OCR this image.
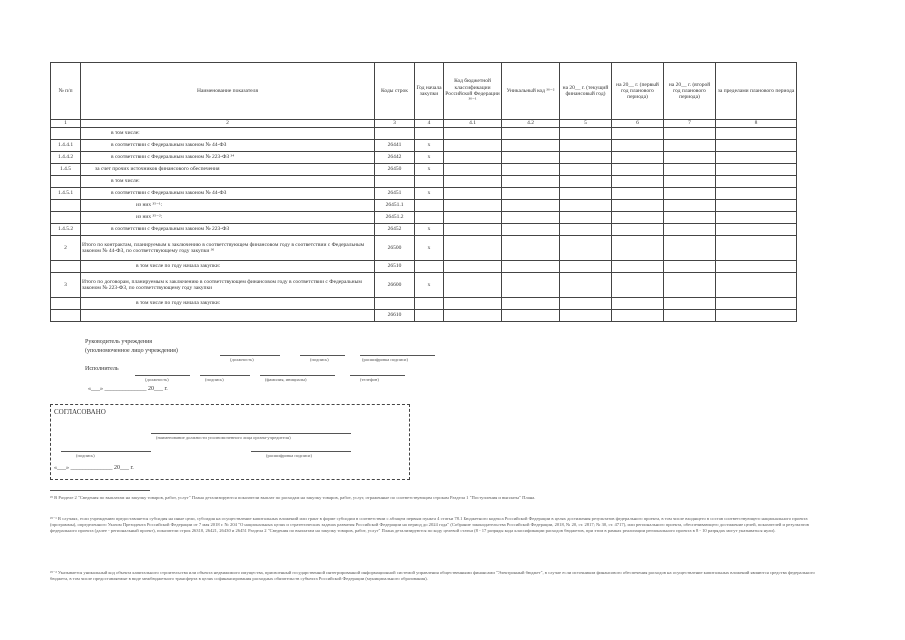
№ п/п	Наименование показателя	Коды строк	Год начала закупки	Код бюджетной классификации Российской Федерации ³⁶⁻¹	Уникальный код ³⁶⁻²	на 20__ г. (текущий финансовый год)	на 20__ г. (первый год планового периода)	на 20__ г. (второй год планового периода)	за пределами планового периода
1	2	3	4	4.1	4.2	5	6	7	8
	в том числе:								
1.4.4.1	в соответствии с Федеральным законом № 44-ФЗ	26441	х						
1.4.4.2	в соответствии с Федеральным законом № 223-ФЗ ³⁴	26442	х						
1.4.5	за счет прочих источников финансового обеспечения	26450	х						
	в том числе:								
1.4.5.1	в соответствии с Федеральным законом № 44-ФЗ	26451	х						
	из них ³⁵⁻¹:	26451.1							
	из них ³⁵⁻²:	26451.2							
1.4.5.2	в соответствии с Федеральным законом № 223-ФЗ	26452	х						
2	Итого по контрактам, планируемым к заключению в соответствующем финансовом году в соответствии с Федеральным законом № 44-ФЗ, по соответствующему году закупки ³⁶	26500	х						
	в том числе по году начала закупки:	26510							
3	Итого по договорам, планируемым к заключению в соответствующем финансовом году в соответствии с Федеральным законом № 223-ФЗ, по соответствующему году закупки	26600	х						
	в том числе по году начала закупки:								
		26610							
Руководитель учреждения
(уполномоченное лицо учреждения)
(должность)	(подпись)	(расшифровка подписи)
Исполнитель
(должность)	(подпись)	(фамилия, инициалы)	(телефон)
«___» ______________ 20___ г.
СОГЛАСОВАНО
(наименование должности уполномоченного лица органа-учредителя)
(подпись)	(расшифровка подписи)
«___» ______________ 20___ г.
³⁵ В Разделе 2 "Сведения по выплатам на закупку товаров, работ, услуг" Плана детализируются показатели выплат по расходам на закупку товаров, работ, услуг, отраженные по соответствующим строкам Раздела 1 "Поступления и выплаты" Плана.
³⁵⁻¹ В случаях, если учреждению предоставляется субсидия на иные цели, субсидия на осуществление капитальных вложений или грант в форме субсидии в соответствии с абзацем первым пункта 4 статьи 78.1 Бюджетного кодекса Российской Федерации в целях достижения результатов федерального проекта, в том числе входящего в состав соответствующего национального проекта (программы), определенного Указом Президента Российской Федерации от 7 мая 2018 г. № 204 "О национальных целях и стратегических задачах развития Российской Федерации на период до 2024 года" (Собрание законодательства Российской Федерации, 2018, № 20, ст. 2817; № 30, ст. 4717), или регионального проекта, обеспечивающего достижение целей, показателей и результатов федерального проекта (далее - региональный проект), показатели строк 26310, 26421, 26430 и 26451 Раздела 2 "Сведения по выплатам на закупку товаров, работ, услуг" Плана детализируются по коду целевой статьи (8 - 17 разряды кода классификации расходов бюджетов, при этом в рамках реализации регионального проекта в 8 - 10 разрядах могут указываться нули).
³⁵⁻² Указывается уникальный код объекта капитального строительства или объекта недвижимого имущества, присвоенный государственной интегрированной информационной системой управления общественными финансами "Электронный бюджет", в случае если источником финансового обеспечения расходов на осуществление капитальных вложений являются средства федерального бюджета, в том числе предоставляемые в виде межбюджетного трансферта в целях софинансирования расходных обязательств субъекта Российской Федерации (муниципального образования).
